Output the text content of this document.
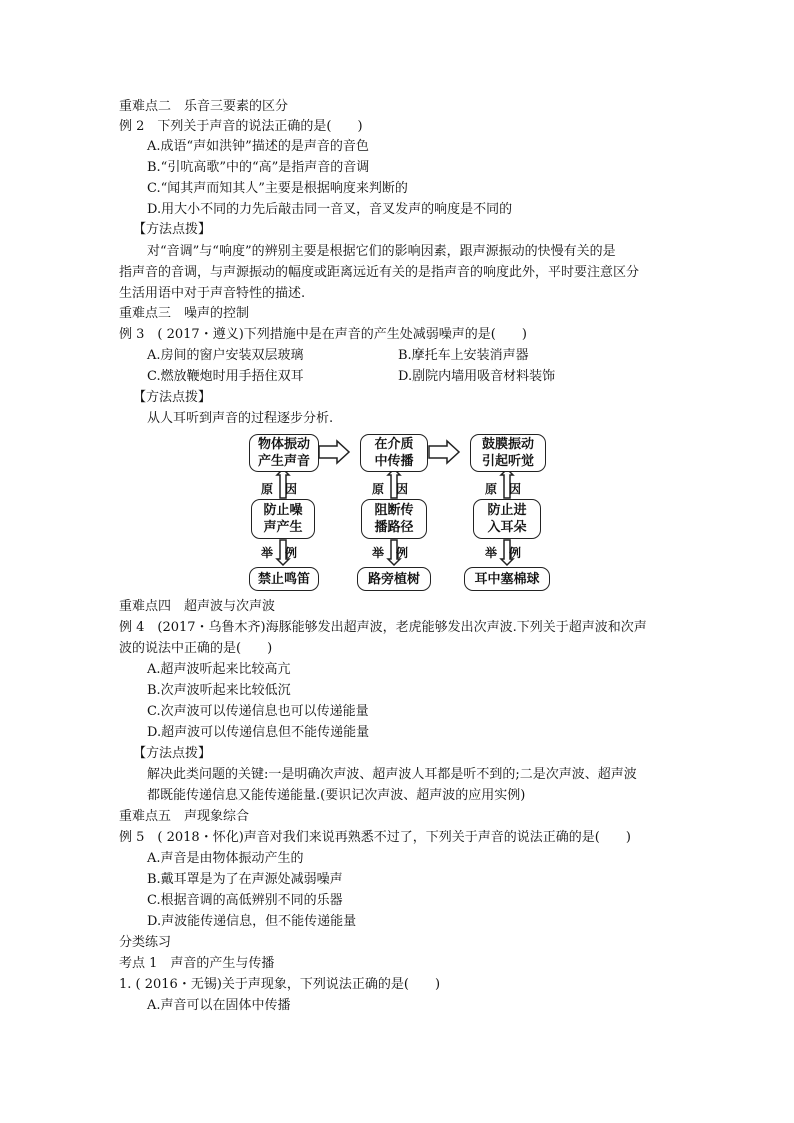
重难点二　乐音三要素的区分
例 2　下列关于声音的说法正确的是(　　)
A.成语“声如洪钟”描述的是声音的音色
B.“引吭高歌”中的“高”是指声音的音调
C.“闻其声而知其人”主要是根据响度来判断的
D.用大小不同的力先后敲击同一音叉，音叉发声的响度是不同的
【方法点拨】
对“音调”与“响度”的辨别主要是根据它们的影响因素，跟声源振动的快慢有关的是
指声音的音调，与声源振动的幅度或距离远近有关的是指声音的响度此外，平时要注意区分
生活用语中对于声音特性的描述.
重难点三　噪声的控制
例 3　( 2017・遵义)下列措施中是在声音的产生处减弱噪声的是(　　)
A.房间的窗户安装双层玻璃	B.摩托车上安装消声器
C.燃放鞭炮时用手捂住双耳	D.剧院内墙用吸音材料装饰
【方法点拨】
从人耳听到声音的过程逐步分析.
物体振动
产生声音
在介质
中传播
鼓膜振动
引起听觉
原　因	原　因	原　因
防止噪
声产生
阻断传
播路径
防止进
入耳朵
举　例	举　例	举　例
禁止鸣笛	路旁植树	耳中塞棉球
重难点四　超声波与次声波
例 4　(2017・乌鲁木齐)海豚能够发出超声波，老虎能够发出次声波.下列关于超声波和次声
波的说法中正确的是(　　)
A.超声波听起来比较高亢
B.次声波听起来比较低沉
C.次声波可以传递信息也可以传递能量
D.超声波可以传递信息但不能传递能量
【方法点拨】
解决此类问题的关键:一是明确次声波、超声波人耳都是听不到的;二是次声波、超声波
都既能传递信息又能传递能量.(要识记次声波、超声波的应用实例)
重难点五　声现象综合
例 5　( 2018・怀化)声音对我们来说再熟悉不过了，下列关于声音的说法正确的是(　　)
A.声音是由物体振动产生的
B.戴耳罩是为了在声源处减弱噪声
C.根据音调的高低辨别不同的乐器
D.声波能传递信息，但不能传递能量
分类练习
考点 1　声音的产生与传播
1. ( 2016・无锡)关于声现象，下列说法正确的是(　　)
A.声音可以在固体中传播
